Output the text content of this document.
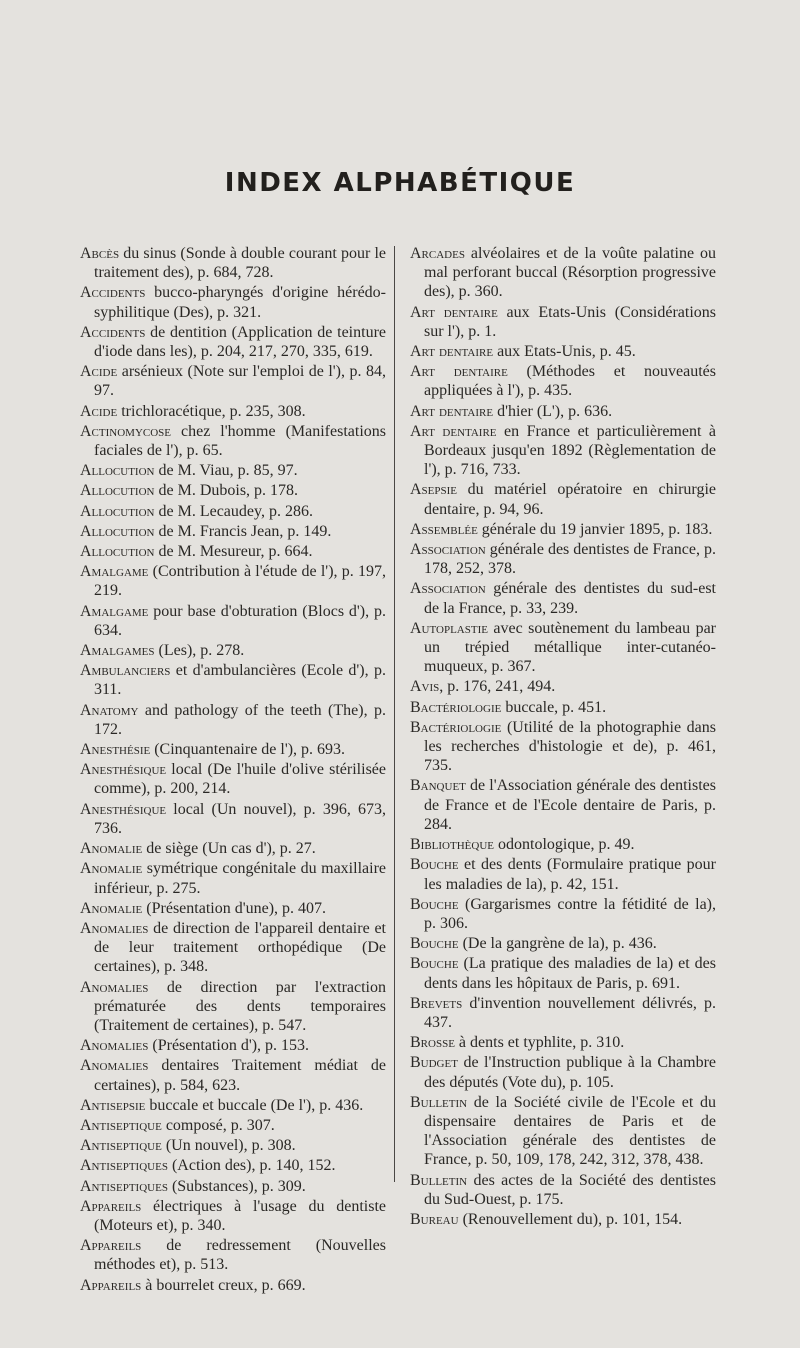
INDEX ALPHABÉTIQUE
Abcès du sinus (Sonde à double courant pour le traitement des), p. 684, 728.
Accidents bucco-pharyngés d'origine hérédo-syphilitique (Des), p. 321.
Accidents de dentition (Application de teinture d'iode dans les), p. 204, 217, 270, 335, 619.
Acide arsénieux (Note sur l'emploi de l'), p. 84, 97.
Acide trichloracétique, p. 235, 308.
Actinomycose chez l'homme (Manifestations faciales de l'), p. 65.
Allocution de M. Viau, p. 85, 97.
Allocution de M. Dubois, p. 178.
Allocution de M. Lecaudey, p. 286.
Allocution de M. Francis Jean, p. 149.
Allocution de M. Mesureur, p. 664.
Amalgame (Contribution à l'étude de l'), p. 197, 219.
Amalgame pour base d'obturation (Blocs d'), p. 634.
Amalgames (Les), p. 278.
Ambulanciers et d'ambulancières (Ecole d'), p. 311.
Anatomy and pathology of the teeth (The), p. 172.
Anesthésie (Cinquantenaire de l'), p. 693.
Anesthésique local (De l'huile d'olive stérilisée comme), p. 200, 214.
Anesthésique local (Un nouvel), p. 396, 673, 736.
Anomalie de siège (Un cas d'), p. 27.
Anomalie symétrique congénitale du maxillaire inférieur, p. 275.
Anomalie (Présentation d'une), p. 407.
Anomalies de direction de l'appareil dentaire et de leur traitement orthopédique (De certaines), p. 348.
Anomalies de direction par l'extraction prématurée des dents temporaires (Traitement de certaines), p. 547.
Anomalies (Présentation d'), p. 153.
Anomalies dentaires Traitement médiat de certaines), p. 584, 623.
Antisepsie buccale et buccale (De l'), p. 436.
Antiseptique composé, p. 307.
Antiseptique (Un nouvel), p. 308.
Antiseptiques (Action des), p. 140, 152.
Antiseptiques (Substances), p. 309.
Appareils électriques à l'usage du dentiste (Moteurs et), p. 340.
Appareils de redressement (Nouvelles méthodes et), p. 513.
Appareils à bourrelet creux, p. 669.
Arcades alvéolaires et de la voûte palatine ou mal perforant buccal (Résorption progressive des), p. 360.
Art dentaire aux Etats-Unis (Considérations sur l'), p. 1.
Art dentaire aux Etats-Unis, p. 45.
Art dentaire (Méthodes et nouveautés appliquées à l'), p. 435.
Art dentaire d'hier (L'), p. 636.
Art dentaire en France et particulièrement à Bordeaux jusqu'en 1892 (Règlementation de l'), p. 716, 733.
Asepsie du matériel opératoire en chirurgie dentaire, p. 94, 96.
Assemblée générale du 19 janvier 1895, p. 183.
Association générale des dentistes de France, p. 178, 252, 378.
Association générale des dentistes du sud-est de la France, p. 33, 239.
Autoplastie avec soutènement du lambeau par un trépied métallique inter-cutanéo-muqueux, p. 367.
Avis, p. 176, 241, 494.
Bactériologie buccale, p. 451.
Bactériologie (Utilité de la photographie dans les recherches d'histologie et de), p. 461, 735.
Banquet de l'Association générale des dentistes de France et de l'Ecole dentaire de Paris, p. 284.
Bibliothèque odontologique, p. 49.
Bouche et des dents (Formulaire pratique pour les maladies de la), p. 42, 151.
Bouche (Gargarismes contre la fétidité de la), p. 306.
Bouche (De la gangrène de la), p. 436.
Bouche (La pratique des maladies de la) et des dents dans les hôpitaux de Paris, p. 691.
Brevets d'invention nouvellement délivrés, p. 437.
Brosse à dents et typhlite, p. 310.
Budget de l'Instruction publique à la Chambre des députés (Vote du), p. 105.
Bulletin de la Société civile de l'Ecole et du dispensaire dentaires de Paris et de l'Association générale des dentistes de France, p. 50, 109, 178, 242, 312, 378, 438.
Bulletin des actes de la Société des dentistes du Sud-Ouest, p. 175.
Bureau (Renouvellement du), p. 101, 154.
